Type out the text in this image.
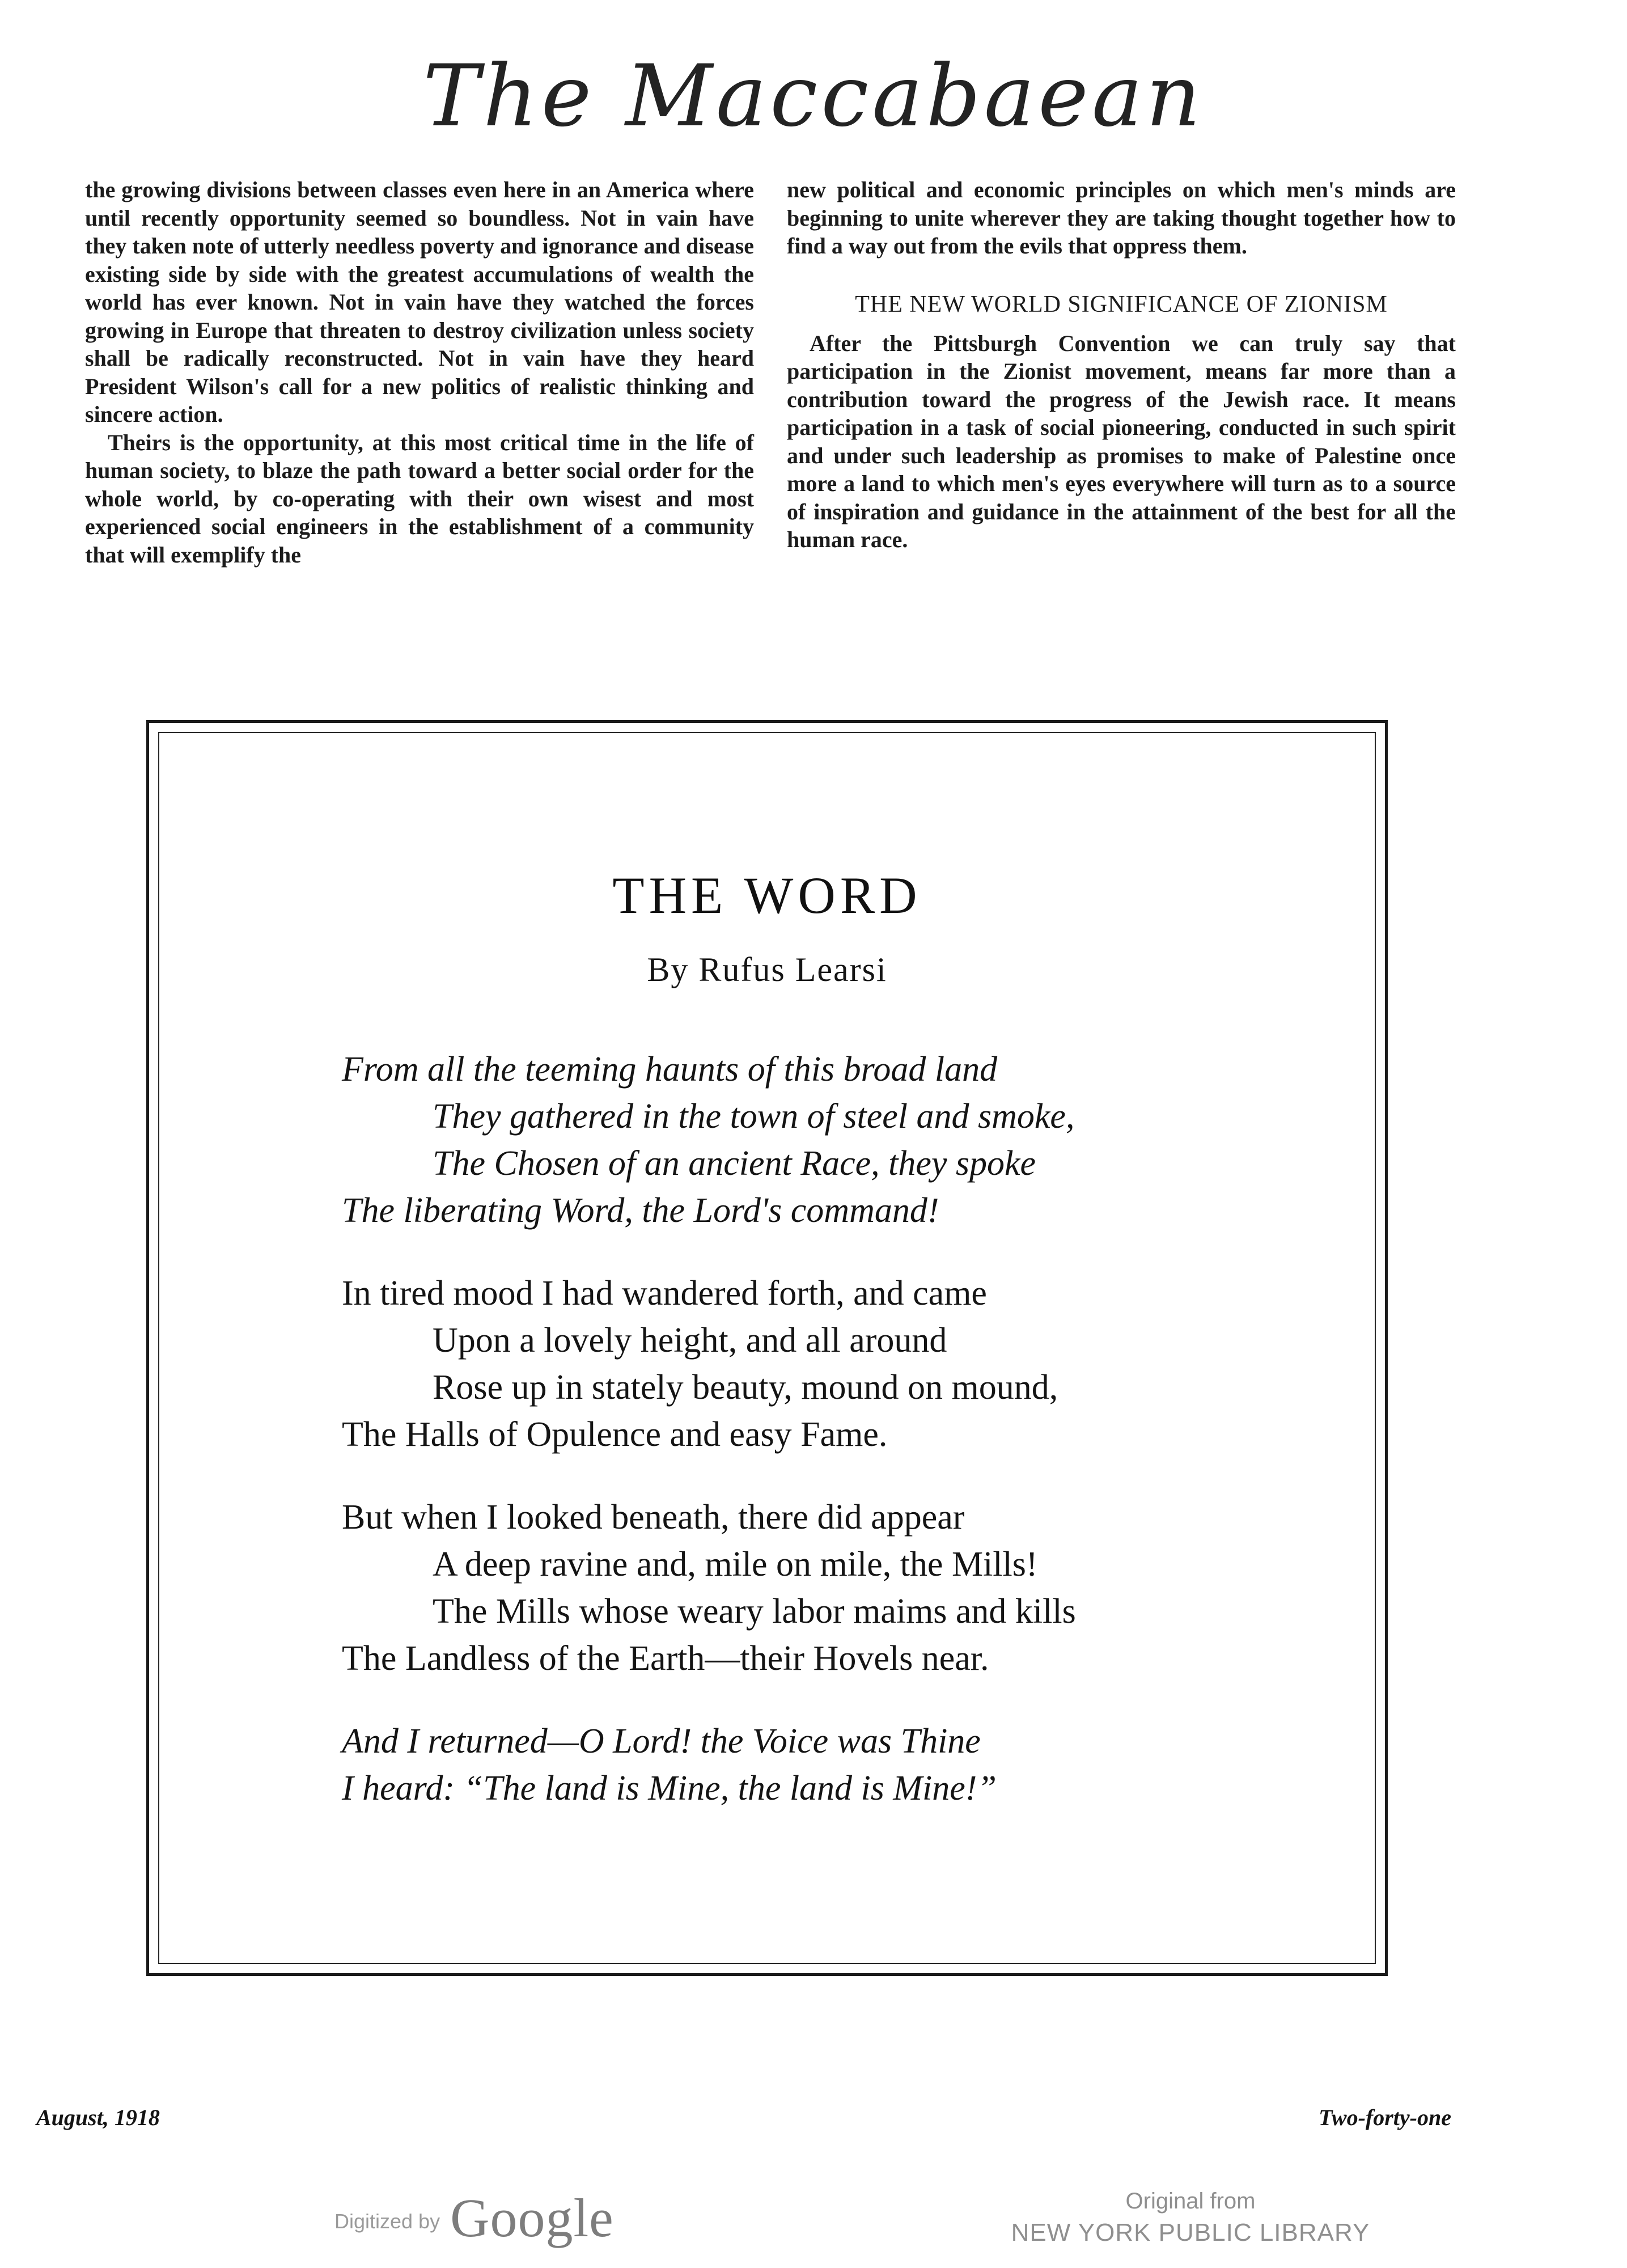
The Maccabaean

the growing divisions between classes even here in an America where until recently opportunity seemed so boundless. Not in vain have they taken note of utterly needless poverty and ignorance and disease existing side by side with the greatest accumulations of wealth the world has ever known. Not in vain have they watched the forces growing in Europe that threaten to destroy civilization unless society shall be radically reconstructed. Not in vain have they heard President Wilson's call for a new politics of realistic thinking and sincere action.

Theirs is the opportunity, at this most critical time in the life of human society, to blaze the path toward a better social order for the whole world, by co-operating with their own wisest and most experienced social engineers in the establishment of a community that will exemplify the

new political and economic principles on which men's minds are beginning to unite wherever they are taking thought together how to find a way out from the evils that oppress them.

THE NEW WORLD SIGNIFICANCE OF ZIONISM

After the Pittsburgh Convention we can truly say that participation in the Zionist movement, means far more than a contribution toward the progress of the Jewish race. It means participation in a task of social pioneering, conducted in such spirit and under such leadership as promises to make of Palestine once more a land to which men's eyes everywhere will turn as to a source of inspiration and guidance in the attainment of the best for all the human race.

THE WORD
By Rufus Learsi
From all the teeming haunts of this broad land
They gathered in the town of steel and smoke,
The Chosen of an ancient Race, they spoke
The liberating Word, the Lord's command!
In tired mood I had wandered forth, and came
Upon a lovely height, and all around
Rose up in stately beauty, mound on mound,
The Halls of Opulence and easy Fame.
But when I looked beneath, there did appear
A deep ravine and, mile on mile, the Mills!
The Mills whose weary labor maims and kills
The Landless of the Earth—their Hovels near.
And I returned—O Lord! the Voice was Thine
I heard: “The land is Mine, the land is Mine!”
August, 1918	Two-forty-one
Digitized by Google	Original from
NEW YORK PUBLIC LIBRARY
